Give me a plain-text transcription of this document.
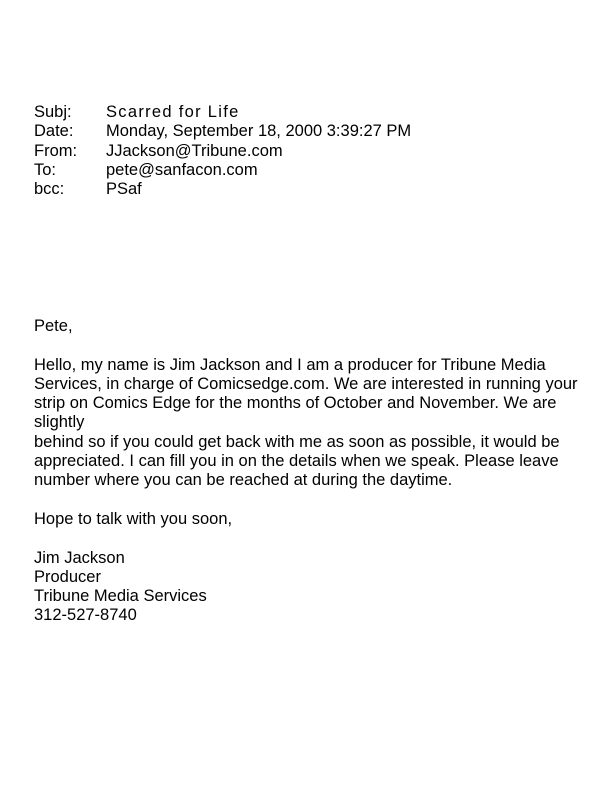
Subj:	Scarred for Life
Date:	Monday, September 18, 2000 3:39:27 PM
From:	JJackson@Tribune.com
To:	pete@sanfacon.com
bcc:	PSaf

Pete,

Hello, my name is Jim Jackson and I am a producer for Tribune Media
Services, in charge of Comicsedge.com. We are interested in running your
strip on Comics Edge for the months of October and November. We are
slightly
behind so if you could get back with me as soon as possible, it would be
appreciated. I can fill you in on the details when we speak. Please leave
number where you can be reached at during the daytime.

Hope to talk with you soon,

Jim Jackson
Producer
Tribune Media Services
312-527-8740
